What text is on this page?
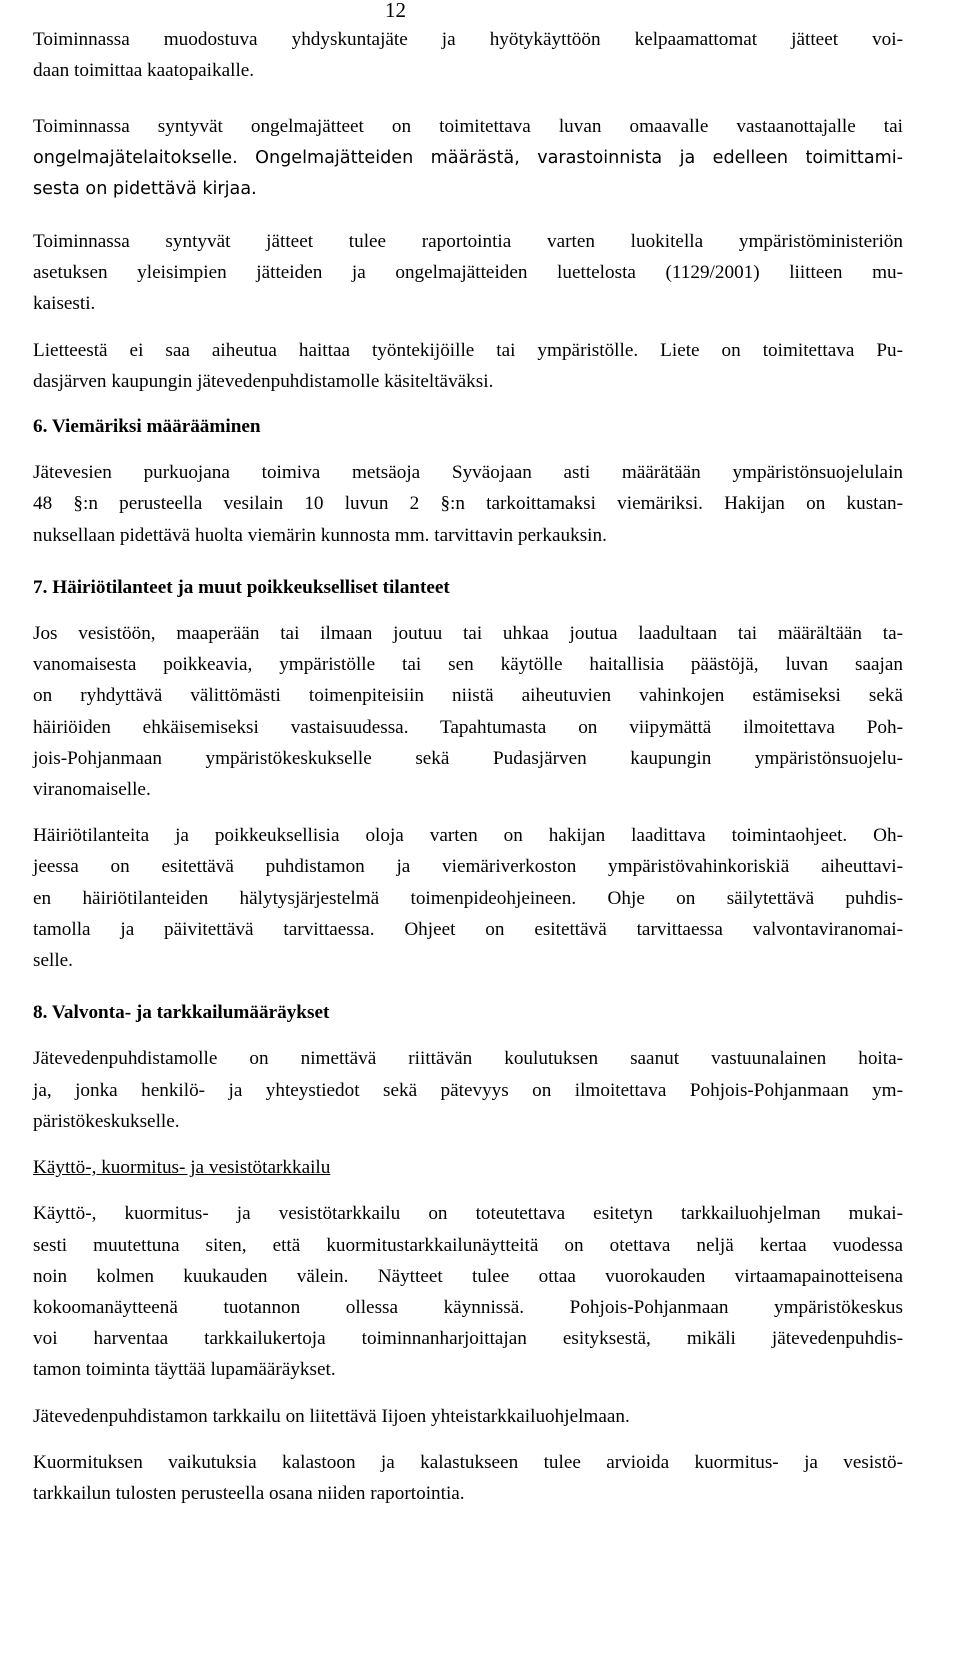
12
Toiminnassa muodostuva yhdyskuntajäte ja hyötykäyttöön kelpaamattomat jätteet voi-
daan toimittaa kaatopaikalle.
Toiminnassa syntyvät ongelmajätteet on toimitettava luvan omaavalle vastaanottajalle tai
ongelmajätelaitokselle. Ongelmajätteiden määrästä, varastoinnista ja edelleen toimittami-
sesta on pidettävä kirjaa.
Toiminnassa syntyvät jätteet tulee raportointia varten luokitella ympäristöministeriön
asetuksen yleisimpien jätteiden ja ongelmajätteiden luettelosta (1129/2001) liitteen mu-
kaisesti.
Lietteestä ei saa aiheutua haittaa työntekijöille tai ympäristölle. Liete on toimitettava Pu-
dasjärven kaupungin jätevedenpuhdistamolle käsiteltäväksi.
6. Viemäriksi määrääminen
Jätevesien purkuojana toimiva metsäoja Syväojaan asti määrätään ympäristönsuojelulain
48 §:n perusteella vesilain 10 luvun 2 §:n tarkoittamaksi viemäriksi. Hakijan on kustan-
nuksellaan pidettävä huolta viemärin kunnosta mm. tarvittavin perkauksin.
7. Häiriötilanteet ja muut poikkeukselliset tilanteet
Jos vesistöön, maaperään tai ilmaan joutuu tai uhkaa joutua laadultaan tai määrältään ta-
vanomaisesta poikkeavia, ympäristölle tai sen käytölle haitallisia päästöjä, luvan saajan
on ryhdyttävä välittömästi toimenpiteisiin niistä aiheutuvien vahinkojen estämiseksi sekä
häiriöiden ehkäisemiseksi vastaisuudessa. Tapahtumasta on viipymättä ilmoitettava Poh-
jois-Pohjanmaan ympäristökeskukselle sekä Pudasjärven kaupungin ympäristönsuojelu-
viranomaiselle.
Häiriötilanteita ja poikkeuksellisia oloja varten on hakijan laadittava toimintaohjeet. Oh-
jeessa on esitettävä puhdistamon ja viemäriverkoston ympäristövahinkoriskiä aiheuttavi-
en häiriötilanteiden hälytysjärjestelmä toimenpideohjeineen. Ohje on säilytettävä puhdis-
tamolla ja päivitettävä tarvittaessa. Ohjeet on esitettävä tarvittaessa valvontaviranomai-
selle.
8. Valvonta- ja tarkkailumääräykset
Jätevedenpuhdistamolle on nimettävä riittävän koulutuksen saanut vastuunalainen hoita-
ja, jonka henkilö- ja yhteystiedot sekä pätevyys on ilmoitettava Pohjois-Pohjanmaan ym-
päristökeskukselle.
Käyttö-, kuormitus- ja vesistötarkkailu
Käyttö-, kuormitus- ja vesistötarkkailu on toteutettava esitetyn tarkkailuohjelman mukai-
sesti muutettuna siten, että kuormitustarkkailunäytteitä on otettava neljä kertaa vuodessa
noin kolmen kuukauden välein. Näytteet tulee ottaa vuorokauden virtaamapainotteisena
kokoomanäytteenä tuotannon ollessa käynnissä. Pohjois-Pohjanmaan ympäristökeskus
voi harventaa tarkkailukertoja toiminnanharjoittajan esityksestä, mikäli jätevedenpuhdis-
tamon toiminta täyttää lupamääräykset.
Jätevedenpuhdistamon tarkkailu on liitettävä Iijoen yhteistarkkailuohjelmaan.
Kuormituksen vaikutuksia kalastoon ja kalastukseen tulee arvioida kuormitus- ja vesistö-
tarkkailun tulosten perusteella osana niiden raportointia.
